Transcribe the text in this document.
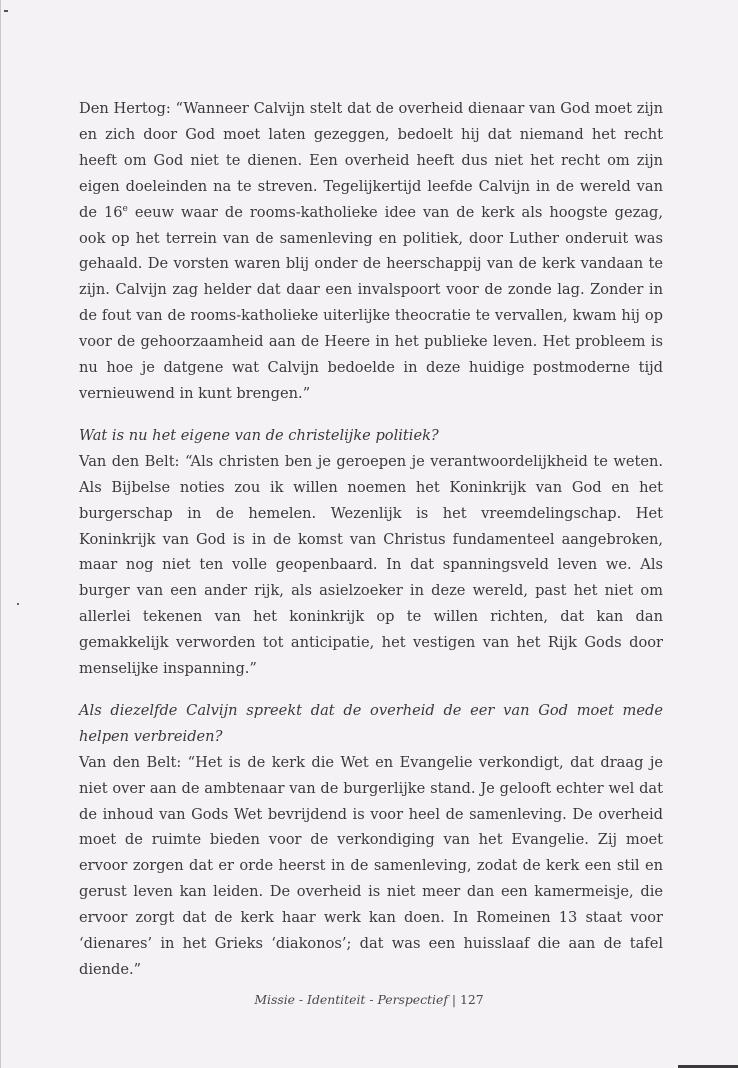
Den Hertog: “Wanneer Calvijn stelt dat de overheid dienaar van God moet zijn en zich door God moet laten gezeggen, bedoelt hij dat niemand het recht heeft om God niet te dienen. Een overheid heeft dus niet het recht om zijn eigen doeleinden na te streven. Tegelijkertijd leefde Calvijn in de wereld van de 16e eeuw waar de rooms-katholieke idee van de kerk als hoogste gezag, ook op het terrein van de samenleving en politiek, door Luther onderuit was gehaald. De vorsten waren blij onder de heerschappij van de kerk vandaan te zijn. Calvijn zag helder dat daar een invalspoort voor de zonde lag. Zonder in de fout van de rooms-katholieke uiterlijke theocratie te vervallen, kwam hij op voor de gehoorzaamheid aan de Heere in het publieke leven. Het probleem is nu hoe je datgene wat Calvijn bedoelde in deze huidige postmoderne tijd vernieuwend in kunt brengen.”

Wat is nu het eigene van de christelijke politiek?

Van den Belt: “Als christen ben je geroepen je verantwoordelijkheid te weten. Als Bijbelse noties zou ik willen noemen het Koninkrijk van God en het burgerschap in de hemelen. Wezenlijk is het vreemdelingschap. Het Koninkrijk van God is in de komst van Christus fundamenteel aangebroken, maar nog niet ten volle geopenbaard. In dat spanningsveld leven we. Als burger van een ander rijk, als asielzoeker in deze wereld, past het niet om allerlei tekenen van het koninkrijk op te willen richten, dat kan dan gemakkelijk verworden tot anticipatie, het vestigen van het Rijk Gods door menselijke inspanning.”

Als diezelfde Calvijn spreekt dat de overheid de eer van God moet mede helpen verbreiden?

Van den Belt: “Het is de kerk die Wet en Evangelie verkondigt, dat draag je niet over aan de ambtenaar van de burgerlijke stand. Je gelooft echter wel dat de inhoud van Gods Wet bevrijdend is voor heel de samenleving. De overheid moet de ruimte bieden voor de verkondiging van het Evangelie. Zij moet ervoor zorgen dat er orde heerst in de samenleving, zodat de kerk een stil en gerust leven kan leiden. De overheid is niet meer dan een kamermeisje, die ervoor zorgt dat de kerk haar werk kan doen. In Romeinen 13 staat voor ‘dienares’ in het Grieks ‘diakonos’; dat was een huisslaaf die aan de tafel diende.”

Missie - Identiteit - Perspectief | 127
